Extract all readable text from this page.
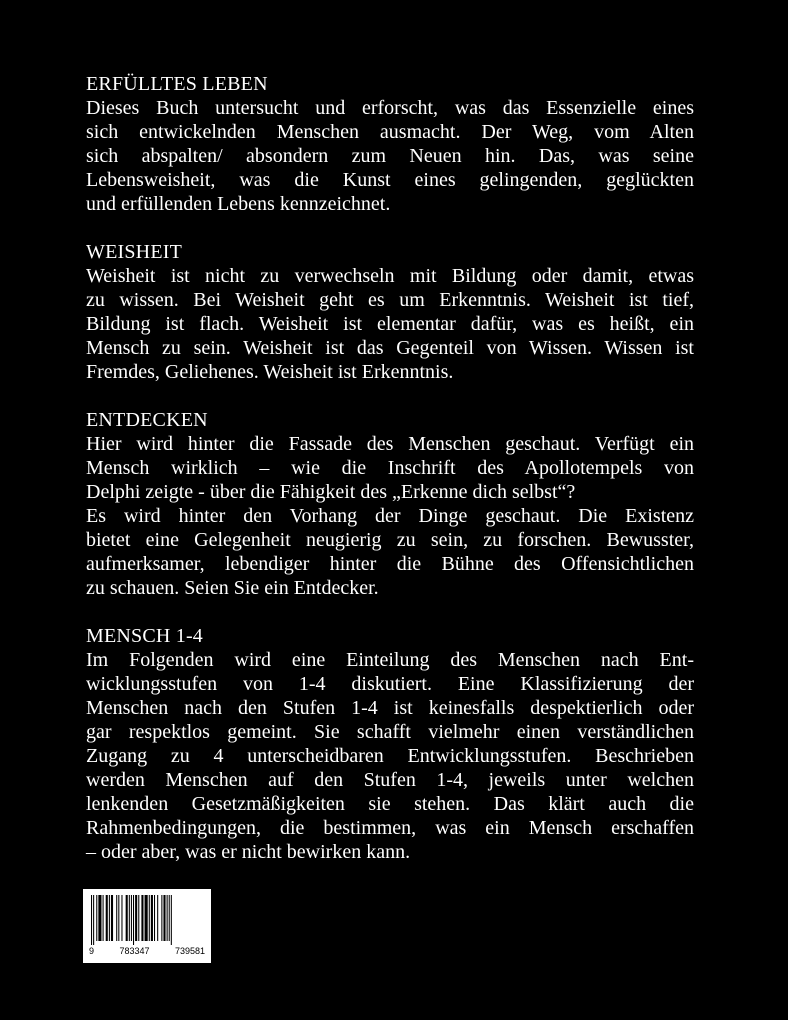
ERFÜLLTES LEBEN

Dieses Buch untersucht und erforscht, was das Essenzielle eines
sich entwickelnden Menschen ausmacht. Der Weg, vom Alten
sich abspalten/ absondern zum Neuen hin. Das, was seine
Lebensweisheit, was die Kunst eines gelingenden, geglückten
und erfüllenden Lebens kennzeichnet.

WEISHEIT

Weisheit ist nicht zu verwechseln mit Bildung oder damit, etwas
zu wissen. Bei Weisheit geht es um Erkenntnis. Weisheit ist tief,
Bildung ist flach. Weisheit ist elementar dafür, was es heißt, ein
Mensch zu sein. Weisheit ist das Gegenteil von Wissen. Wissen ist
Fremdes, Geliehenes. Weisheit ist Erkenntnis.

ENTDECKEN

Hier wird hinter die Fassade des Menschen geschaut. Verfügt ein
Mensch wirklich – wie die Inschrift des Apollotempels von
Delphi zeigte - über die Fähigkeit des „Erkenne dich selbst“?
Es wird hinter den Vorhang der Dinge geschaut. Die Existenz
bietet eine Gelegenheit neugierig zu sein, zu forschen. Bewusster,
aufmerksamer, lebendiger hinter die Bühne des Offensichtlichen
zu schauen. Seien Sie ein Entdecker.

MENSCH 1-4

Im Folgenden wird eine Einteilung des Menschen nach Ent-
wicklungsstufen von 1-4 diskutiert. Eine Klassifizierung der
Menschen nach den Stufen 1-4 ist keinesfalls despektierlich oder
gar respektlos gemeint. Sie schafft vielmehr einen verständlichen
Zugang zu 4 unterscheidbaren Entwicklungsstufen. Beschrieben
werden Menschen auf den Stufen 1-4, jeweils unter welchen
lenkenden Gesetzmäßigkeiten sie stehen. Das klärt auch die
Rahmenbedingungen, die bestimmen, was ein Mensch erschaffen
– oder aber, was er nicht bewirken kann.

9	783347	739581
